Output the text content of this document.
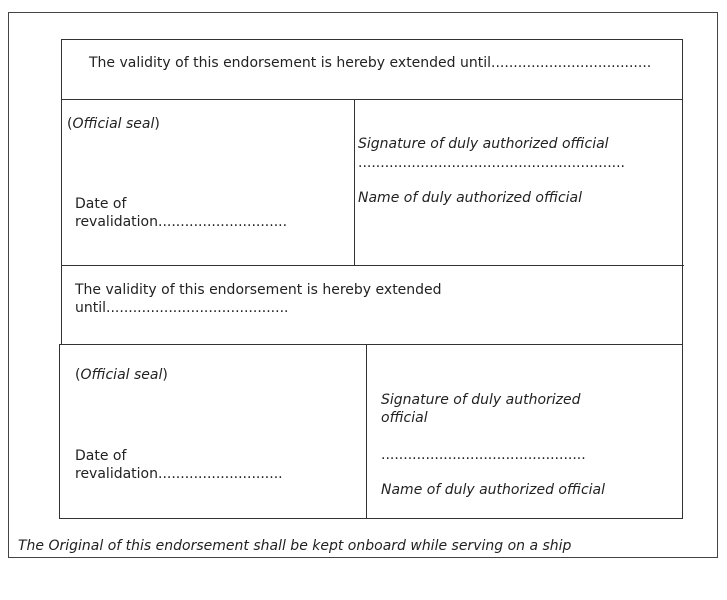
The validity of this endorsement is hereby extended until....................................
(Official seal)
Date of
revalidation.............................
Signature of duly authorized official
............................................................
Name of duly authorized official
The validity of this endorsement is hereby extended
until.........................................
(Official seal)
Date of
revalidation............................
Signature of duly authorized
official
..............................................
Name of duly authorized official
The Original of this endorsement shall be kept onboard while serving on a ship
